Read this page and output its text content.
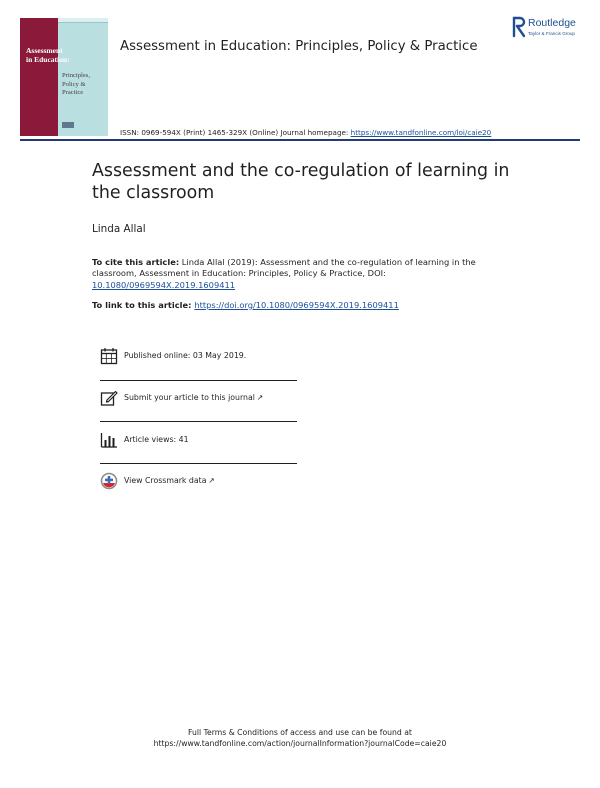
Assessment
in Education:
Principles,
Policy &
Practice
Assessment in Education: Principles, Policy & Practice
ISSN: 0969-594X (Print) 1465-329X (Online) Journal homepage: https://www.tandfonline.com/loi/caie20
Routledge
Taylor & Francis Group
Assessment and the co-regulation of learning in the classroom
Linda Allal
To cite this article: Linda Allal (2019): Assessment and the co-regulation of learning in the classroom, Assessment in Education: Principles, Policy & Practice, DOI: 10.1080/0969594X.2019.1609411
To link to this article: https://doi.org/10.1080/0969594X.2019.1609411
Published online: 03 May 2019.
Submit your article to this journal ↗
Article views: 41
View Crossmark data ↗
Full Terms & Conditions of access and use can be found at
https://www.tandfonline.com/action/journalInformation?journalCode=caie20
